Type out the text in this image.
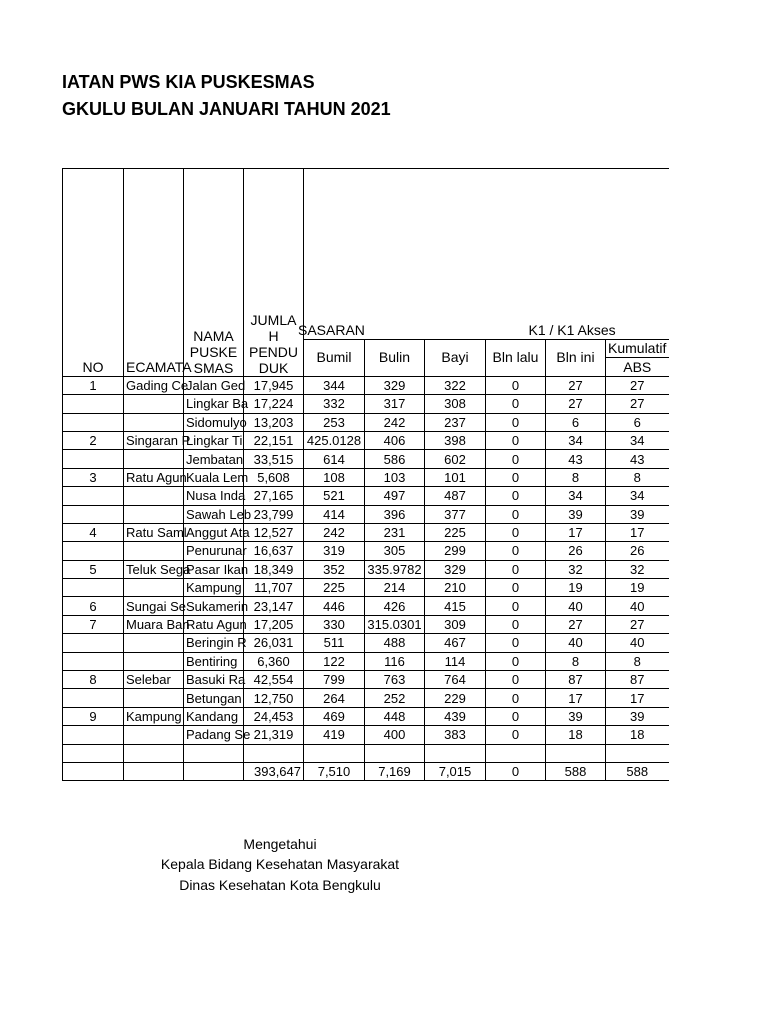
IATAN PWS KIA PUSKESMAS
GKULU BULAN JANUARI TAHUN 2021
NO	ECAMATA	NAMA PUSKE SMAS	JUMLA H PENDU DUK	SASARAN			K1 / K1 Akses		
				Bumil	Bulin	Bayi	Bln lalu	Bln ini	Kumulatif
									ABS
1	Gading Ce	Jalan Ged	17,945	344	329	322	0	27	27
		Lingkar Ba	17,224	332	317	308	0	27	27
		Sidomulyo	13,203	253	242	237	0	6	6
2	Singaran P	Lingkar Ti	22,151	425.0128	406	398	0	34	34
		Jembatan	33,515	614	586	602	0	43	43
3	Ratu Agun	Kuala Lem	5,608	108	103	101	0	8	8
		Nusa Inda	27,165	521	497	487	0	34	34
		Sawah Leb	23,799	414	396	377	0	39	39
4	Ratu Saml	Anggut Ata	12,527	242	231	225	0	17	17
		Penurunar	16,637	319	305	299	0	26	26
5	Teluk Sega	Pasar Ikan	18,349	352	335.9782	329	0	32	32
		Kampung	11,707	225	214	210	0	19	19
6	Sungai Se	Sukamerin	23,147	446	426	415	0	40	40
7	Muara Ban	Ratu Agun	17,205	330	315.0301	309	0	27	27
		Beringin R	26,031	511	488	467	0	40	40
		Bentiring	6,360	122	116	114	0	8	8
8	Selebar	Basuki Ra	42,554	799	763	764	0	87	87
		Betungan	12,750	264	252	229	0	17	17
9	Kampung	Kandang	24,453	469	448	439	0	39	39
		Padang Se	21,319	419	400	383	0	18	18

			393,647	7,510	7,169	7,015	0	588	588
Mengetahui
Kepala Bidang Kesehatan Masyarakat
Dinas Kesehatan Kota Bengkulu
